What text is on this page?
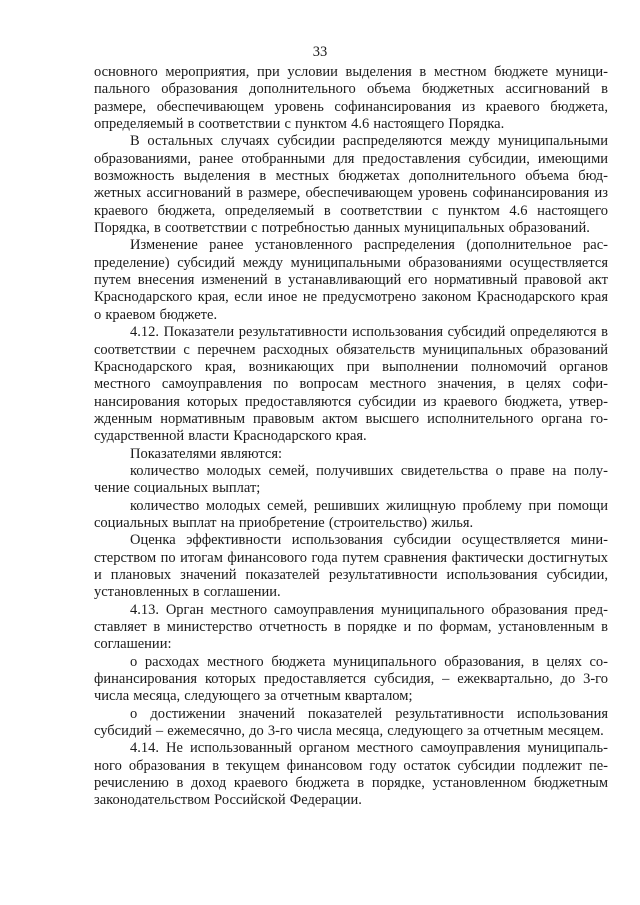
33

основного мероприятия, при условии выделения в местном бюджете муниципального образования дополнительного объема бюджетных ассигнований в размере, обеспечивающем уровень софинансирования из краевого бюджета, определяемый в соответствии с пунктом 4.6 настоящего Порядка.

В остальных случаях субсидии распределяются между муниципальными образованиями, ранее отобранными для предоставления субсидии, имеющими возможность выделения в местных бюджетах дополнительного объема бюджетных ассигнований в размере, обеспечивающем уровень софинансирования из краевого бюджета, определяемый в соответствии с пунктом 4.6 настоящего Порядка, в соответствии с потребностью данных муниципальных образований.

Изменение ранее установленного распределения (дополнительное распределение) субсидий между муниципальными образованиями осуществляется путем внесения изменений в устанавливающий его нормативный правовой акт Краснодарского края, если иное не предусмотрено законом Краснодарского края о краевом бюджете.

4.12. Показатели результативности использования субсидий определяются в соответствии с перечнем расходных обязательств муниципальных образований Краснодарского края, возникающих при выполнении полномочий органов местного самоуправления по вопросам местного значения, в целях софинансирования которых предоставляются субсидии из краевого бюджета, утвержденным нормативным правовым актом высшего исполнительного органа государственной власти Краснодарского края.

Показателями являются:

количество молодых семей, получивших свидетельства о праве на получение социальных выплат;

количество молодых семей, решивших жилищную проблему при помощи социальных выплат на приобретение (строительство) жилья.

Оценка эффективности использования субсидии осуществляется министерством по итогам финансового года путем сравнения фактически достигнутых и плановых значений показателей результативности использования субсидии, установленных в соглашении.

4.13. Орган местного самоуправления муниципального образования представляет в министерство отчетность в порядке и по формам, установленным в соглашении:

о расходах местного бюджета муниципального образования, в целях софинансирования которых предоставляется субсидия, – ежеквартально, до 3-го числа месяца, следующего за отчетным кварталом;

о достижении значений показателей результативности использования субсидий – ежемесячно, до 3-го числа месяца, следующего за отчетным месяцем.

4.14. Не использованный органом местного самоуправления муниципального образования в текущем финансовом году остаток субсидии подлежит перечислению в доход краевого бюджета в порядке, установленном бюджетным законодательством Российской Федерации.
